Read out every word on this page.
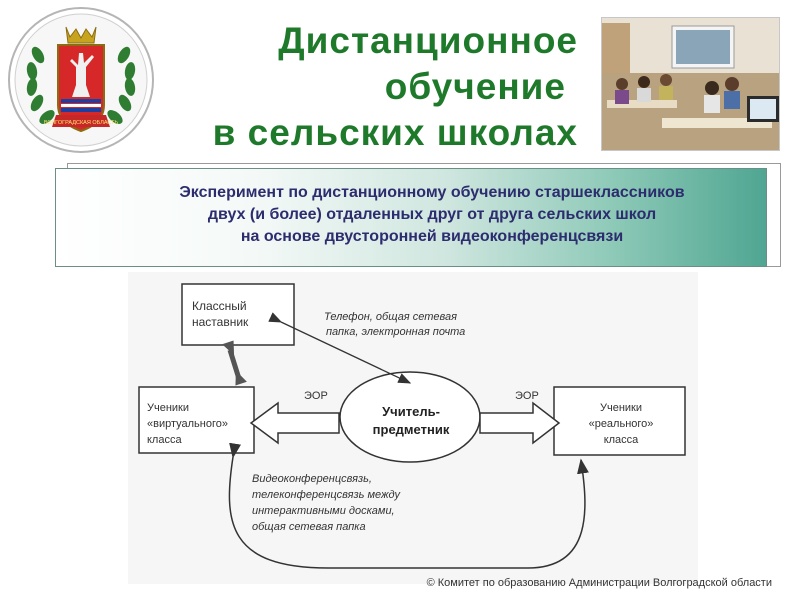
ВОЛГОГРАДСКАЯ ОБЛАСТЬ
Дистанционное
обучение
в сельских школах
Эксперимент по дистанционному обучению старшеклассников
двух (и более) отдаленных друг от друга сельских школ
на основе двусторонней видеоконференцсвязи
Классный
наставник
Ученики
«виртуального»
класса
Ученики
«реального»
класса
Учитель-
предметник
Телефон, общая сетевая
папка, электронная почта
ЭОР	ЭОР
Видеоконференцсвязь,
телеконференцсвязь между
интерактивными досками,
общая сетевая папка
© Комитет по образованию Администрации Волгоградской области
